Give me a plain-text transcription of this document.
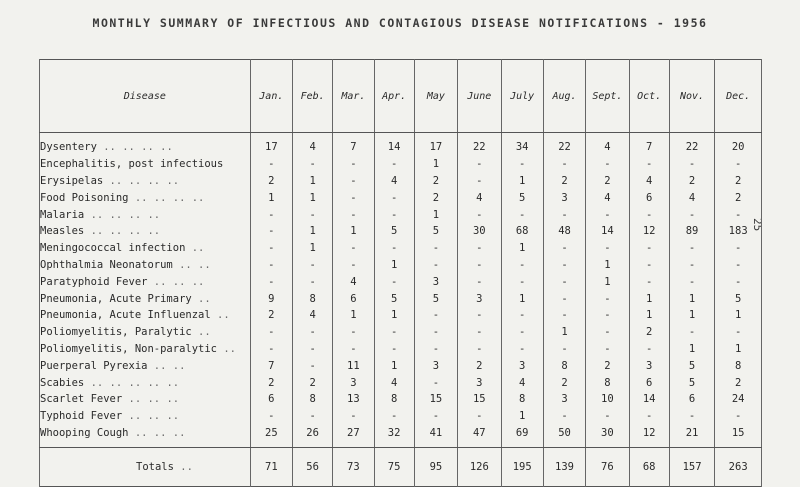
MONTHLY SUMMARY OF INFECTIOUS AND CONTAGIOUS DISEASE NOTIFICATIONS - 1956
25
Disease	Jan.	Feb.	Mar.	Apr.	May	June	July	Aug.	Sept.	Oct.	Nov.	Dec.

Dysentery .. .. .. ..	17	4	7	14	17	22	34	22	4	7	22	20
Encephalitis, post infectious	-	-	-	-	1	-	-	-	-	-	-	-
Erysipelas .. .. .. ..	2	1	-	4	2	-	1	2	2	4	2	2
Food Poisoning .. .. .. ..	1	1	-	-	2	4	5	3	4	6	4	2
Malaria .. .. .. ..	-	-	-	-	1	-	-	-	-	-	-	-
Measles .. .. .. ..	-	1	1	5	5	30	68	48	14	12	89	183
Meningococcal infection ..	-	1	-	-	-	-	1	-	-	-	-	-
Ophthalmia Neonatorum .. ..	-	-	-	1	-	-	-	-	1	-	-	-
Paratyphoid Fever .. .. ..	-	-	4	-	3	-	-	-	1	-	-	-
Pneumonia, Acute Primary ..	9	8	6	5	5	3	1	-	-	1	1	5
Pneumonia, Acute Influenzal ..	2	4	1	1	-	-	-	-	-	1	1	1
Poliomyelitis, Paralytic ..	-	-	-	-	-	-	-	1	-	2	-	-
Poliomyelitis, Non-paralytic ..	-	-	-	-	-	-	-	-	-	-	1	1
Puerperal Pyrexia .. ..	7	-	11	1	3	2	3	8	2	3	5	8
Scabies .. .. .. .. ..	2	2	3	4	-	3	4	2	8	6	5	2
Scarlet Fever .. .. ..	6	8	13	8	15	15	8	3	10	14	6	24
Typhoid Fever .. .. ..	-	-	-	-	-	-	1	-	-	-	-	-
Whooping Cough .. .. ..	25	26	27	32	41	47	69	50	30	12	21	15

Totals ..	71	56	73	75	95	126	195	139	76	68	157	263
